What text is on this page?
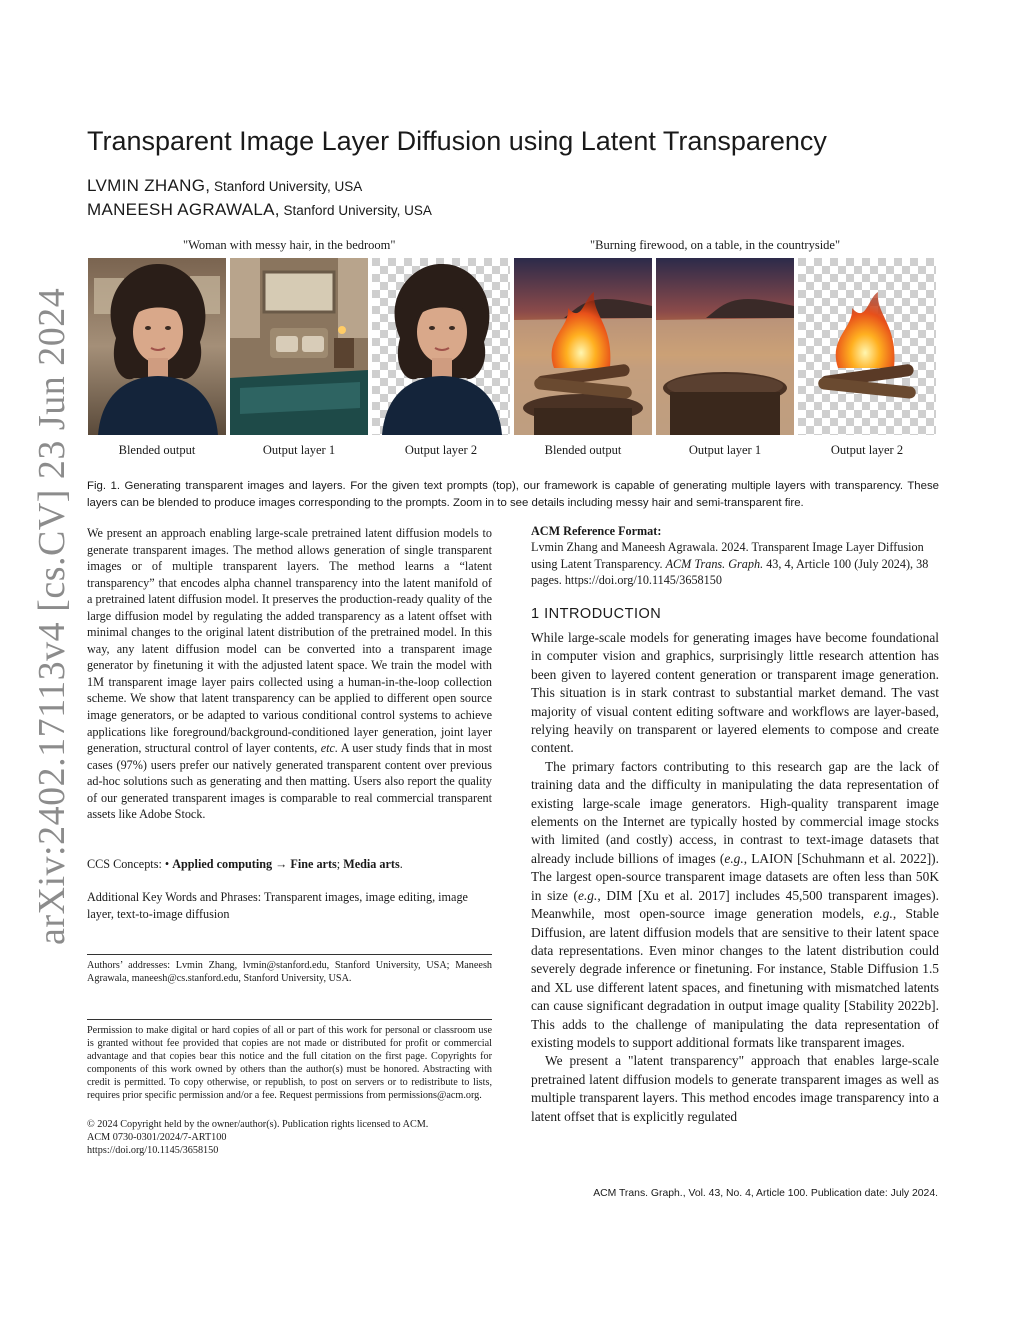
arXiv:2402.17113v4 [cs.CV] 23 Jun 2024
Transparent Image Layer Diffusion using Latent Transparency
LVMIN ZHANG, Stanford University, USA
MANEESH AGRAWALA, Stanford University, USA
"Woman with messy hair, in the bedroom"	"Burning firewood, on a table, in the countryside"
Blended output	Output layer 1	Output layer 2	Blended output	Output layer 1	Output layer 2
Fig. 1. Generating transparent images and layers. For the given text prompts (top), our framework is capable of generating multiple layers with transparency. These layers can be blended to produce images corresponding to the prompts. Zoom in to see details including messy hair and semi-transparent fire.
We present an approach enabling large-scale pretrained latent diffusion models to generate transparent images. The method allows generation of single transparent images or of multiple transparent layers. The method learns a “latent transparency” that encodes alpha channel transparency into the latent manifold of a pretrained latent diffusion model. It preserves the production-ready quality of the large diffusion model by regulating the added transparency as a latent offset with minimal changes to the original latent distribution of the pretrained model. In this way, any latent diffusion model can be converted into a transparent image generator by finetuning it with the adjusted latent space. We train the model with 1M transparent image layer pairs collected using a human-in-the-loop collection scheme. We show that latent transparency can be applied to different open source image generators, or be adapted to various conditional control systems to achieve applications like foreground/background-conditioned layer generation, joint layer generation, structural control of layer contents, etc. A user study finds that in most cases (97%) users prefer our natively generated transparent content over previous ad-hoc solutions such as generating and then matting. Users also report the quality of our generated transparent images is comparable to real commercial transparent assets like Adobe Stock.
CCS Concepts: • Applied computing → Fine arts; Media arts.
Additional Key Words and Phrases: Transparent images, image editing, image layer, text-to-image diffusion
Authors’ addresses: Lvmin Zhang, lvmin@stanford.edu, Stanford University, USA; Maneesh Agrawala, maneesh@cs.stanford.edu, Stanford University, USA.
Permission to make digital or hard copies of all or part of this work for personal or classroom use is granted without fee provided that copies are not made or distributed for profit or commercial advantage and that copies bear this notice and the full citation on the first page. Copyrights for components of this work owned by others than the author(s) must be honored. Abstracting with credit is permitted. To copy otherwise, or republish, to post on servers or to redistribute to lists, requires prior specific permission and/or a fee. Request permissions from permissions@acm.org.
© 2024 Copyright held by the owner/author(s). Publication rights licensed to ACM.
ACM 0730-0301/2024/7-ART100
https://doi.org/10.1145/3658150
ACM Reference Format:
Lvmin Zhang and Maneesh Agrawala. 2024. Transparent Image Layer Diffusion using Latent Transparency. ACM Trans. Graph. 43, 4, Article 100 (July 2024), 38 pages. https://doi.org/10.1145/3658150
1 INTRODUCTION

While large-scale models for generating images have become foundational in computer vision and graphics, surprisingly little research attention has been given to layered content generation or transparent image generation. This situation is in stark contrast to substantial market demand. The vast majority of visual content editing software and workflows are layer-based, relying heavily on transparent or layered elements to compose and create content.

The primary factors contributing to this research gap are the lack of training data and the difficulty in manipulating the data representation of existing large-scale image generators. High-quality transparent image elements on the Internet are typically hosted by commercial image stocks with limited (and costly) access, in contrast to text-image datasets that already include billions of images (e.g., LAION [Schuhmann et al. 2022]). The largest open-source transparent image datasets are often less than 50K in size (e.g., DIM [Xu et al. 2017] includes 45,500 transparent images). Meanwhile, most open-source image generation models, e.g., Stable Diffusion, are latent diffusion models that are sensitive to their latent space data representations. Even minor changes to the latent distribution could severely degrade inference or finetuning. For instance, Stable Diffusion 1.5 and XL use different latent spaces, and finetuning with mismatched latents can cause significant degradation in output image quality [Stability 2022b]. This adds to the challenge of manipulating the data representation of existing models to support additional formats like transparent images.

We present a "latent transparency" approach that enables large-scale pretrained latent diffusion models to generate transparent images as well as multiple transparent layers. This method encodes image transparency into a latent offset that is explicitly regulated

ACM Trans. Graph., Vol. 43, No. 4, Article 100. Publication date: July 2024.
